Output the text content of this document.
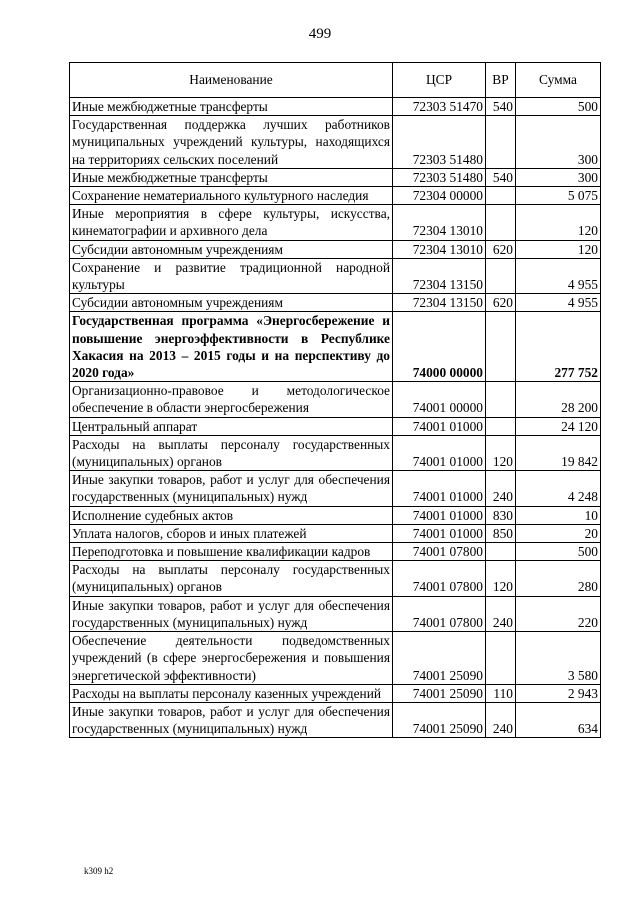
499
Наименование	ЦСР	ВР	Сумма
Иные межбюджетные трансферты	72303 51470	540	500
Государственная поддержка лучших работников муниципальных учреждений культуры, находящихся на территориях сельских поселений	72303 51480		300
Иные межбюджетные трансферты	72303 51480	540	300
Сохранение нематериального культурного наследия	72304 00000		5 075
Иные мероприятия в сфере культуры, искусства, кинематографии и архивного дела	72304 13010		120
Субсидии автономным учреждениям	72304 13010	620	120
Сохранение и развитие традиционной народной культуры	72304 13150		4 955
Субсидии автономным учреждениям	72304 13150	620	4 955
Государственная программа «Энергосбережение и повышение энергоэффективности в Республике Хакасия на 2013 – 2015 годы и на перспективу до 2020 года»	74000 00000		277 752
Организационно-правовое и методологическое обеспечение в области энергосбережения	74001 00000		28 200
Центральный аппарат	74001 01000		24 120
Расходы на выплаты персоналу государственных (муниципальных) органов	74001 01000	120	19 842
Иные закупки товаров, работ и услуг для обеспечения государственных (муниципальных) нужд	74001 01000	240	4 248
Исполнение судебных актов	74001 01000	830	10
Уплата налогов, сборов и иных платежей	74001 01000	850	20
Переподготовка и повышение квалификации кадров	74001 07800		500
Расходы на выплаты персоналу государственных (муниципальных) органов	74001 07800	120	280
Иные закупки товаров, работ и услуг для обеспечения государственных (муниципальных) нужд	74001 07800	240	220
Обеспечение деятельности подведомственных учреждений (в сфере энергосбережения и повышения энергетической эффективности)	74001 25090		3 580
Расходы на выплаты персоналу казенных учреждений	74001 25090	110	2 943
Иные закупки товаров, работ и услуг для обеспечения государственных (муниципальных) нужд	74001 25090	240	634
k309 h2
